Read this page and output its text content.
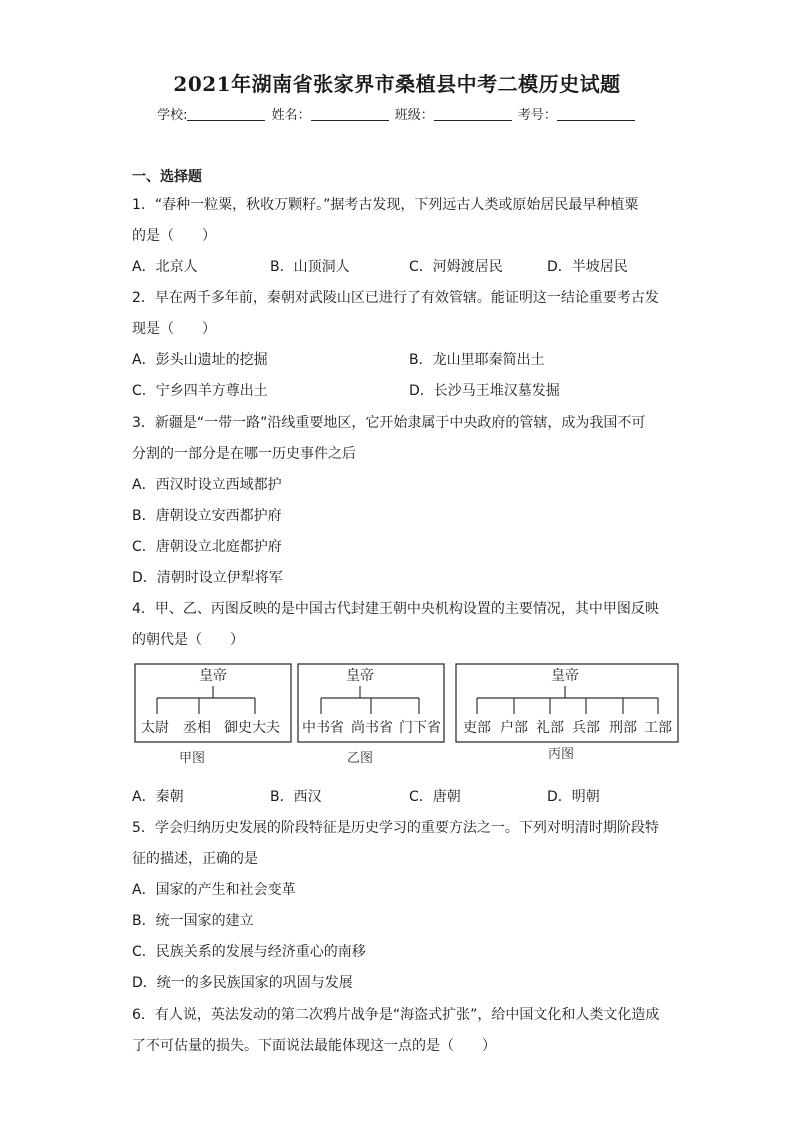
2021年湖南省张家界市桑植县中考二模历史试题
学校:	姓名：	班级：	考号：
一、选择题
1．“春种一粒粟，秋收万颗籽。”据考古发现，下列远古人类或原始居民最早种植粟
的是（　　）
A．北京人	B．山顶洞人	C．河姆渡居民	D．半坡居民
2．早在两千多年前，秦朝对武陵山区已进行了有效管辖。能证明这一结论重要考古发
现是（　　）
A．彭头山遗址的挖掘	B．龙山里耶秦简出土
C．宁乡四羊方尊出土	D．长沙马王堆汉墓发掘
3．新疆是“一带一路”沿线重要地区，它开始隶属于中央政府的管辖，成为我国不可
分割的一部分是在哪一历史事件之后
A．西汉时设立西域都护
B．唐朝设立安西都护府
C．唐朝设立北庭都护府
D．清朝时设立伊犁将军
4．甲、乙、丙图反映的是中国古代封建王朝中央机构设置的主要情况，其中甲图反映
的朝代是（　　）
皇帝
太尉 丞相 御史大夫
甲图
皇帝
中书省 尚书省 门下省
乙图
皇帝
吏部 户部 礼部 兵部 刑部 工部
丙图
A．秦朝	B．西汉	C．唐朝	D．明朝
5．学会归纳历史发展的阶段特征是历史学习的重要方法之一。下列对明清时期阶段特
征的描述，正确的是
A．国家的产生和社会变革
B．统一国家的建立
C．民族关系的发展与经济重心的南移
D．统一的多民族国家的巩固与发展
6．有人说，英法发动的第二次鸦片战争是“海盗式扩张”，给中国文化和人类文化造成
了不可估量的损失。下面说法最能体现这一点的是（　　）
